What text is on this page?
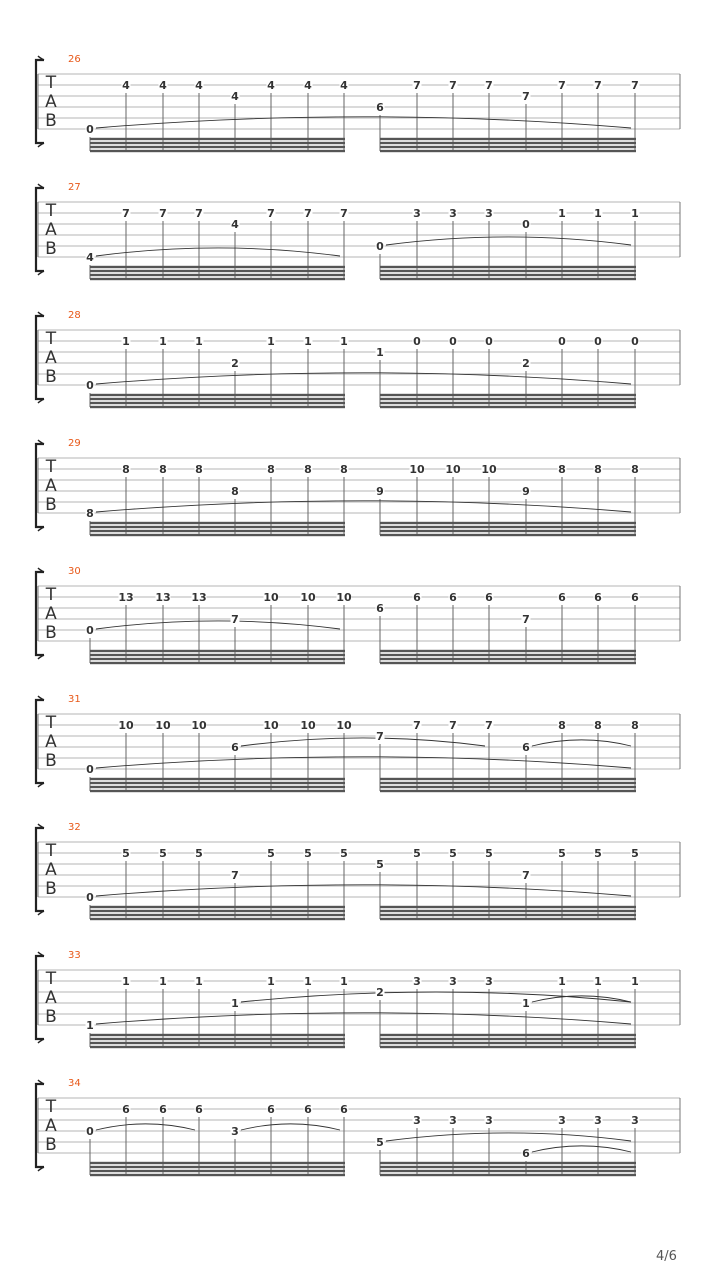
26
T
A
B	0
4	4	4
4
4	4	4
6
7	7	7
7
7	7	7
27
T
A
B	4
7	7	7
4
7	7	7
0
3	3	3
0
1	1	1
28
T
A
B	0
1	1	1
2
1	1	1
1
0	0	0
2
0	0	0
29
T
A
B	8
8	8	8
8
8	8	8
9
10 10 10
9
8	8	8
30
T
A
B	0
13 13 13
7
10 10 10
6
6	6	6
7
6	6	6
31
T
A
B	0
10 10 10
6
10 10 10
7
7	7	7
6
8	8	8
32
T
A
B	0
5	5	5
7
5	5	5
5
5	5	5
7
5	5	5
33
T
A
B	1
1	1	1
1
1	1	1
2
3	3	3
1
1	1	1
34
T
A
B
0
6	6	6
3
6	6	6
5
3	3	3
6
3	3	3
4/6
